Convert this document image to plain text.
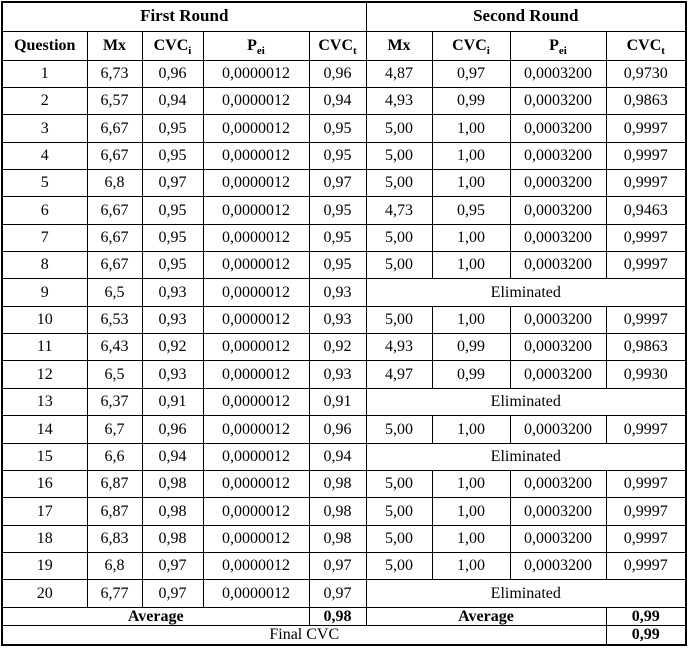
First Round					Second Round			
Question	Mx	$CVC_i$	$P_{ei}$	$CVC_t$	Mx	$CVC_i$	$P_{ei}$	$CVC_t$
1	6,73	0,96	0,0000012	0,96	4,87	0,97	0,0003200	0,9730
2	6,57	0,94	0,0000012	0,94	4,93	0,99	0,0003200	0,9863
3	6,67	0,95	0,0000012	0,95	5,00	1,00	0,0003200	0,9997
4	6,67	0,95	0,0000012	0,95	5,00	1,00	0,0003200	0,9997
5	6,8	0,97	0,0000012	0,97	5,00	1,00	0,0003200	0,9997
6	6,67	0,95	0,0000012	0,95	4,73	0,95	0,0003200	0,9463
7	6,67	0,95	0,0000012	0,95	5,00	1,00	0,0003200	0,9997
8	6,67	0,95	0,0000012	0,95	5,00	1,00	0,0003200	0,9997
9	6,5	0,93	0,0000012	0,93	Eliminated			
10	6,53	0,93	0,0000012	0,93	5,00	1,00	0,0003200	0,9997
11	6,43	0,92	0,0000012	0,92	4,93	0,99	0,0003200	0,9863
12	6,5	0,93	0,0000012	0,93	4,97	0,99	0,0003200	0,9930
13	6,37	0,91	0,0000012	0,91	Eliminated			
14	6,7	0,96	0,0000012	0,96	5,00	1,00	0,0003200	0,9997
15	6,6	0,94	0,0000012	0,94	Eliminated			
16	6,87	0,98	0,0000012	0,98	5,00	1,00	0,0003200	0,9997
17	6,87	0,98	0,0000012	0,98	5,00	1,00	0,0003200	0,9997
18	6,83	0,98	0,0000012	0,98	5,00	1,00	0,0003200	0,9997
19	6,8	0,97	0,0000012	0,97	5,00	1,00	0,0003200	0,9997
20	6,77	0,97	0,0000012	0,97	Eliminated			
Average				0,98	Average			0,99
Final CVC								0,99
